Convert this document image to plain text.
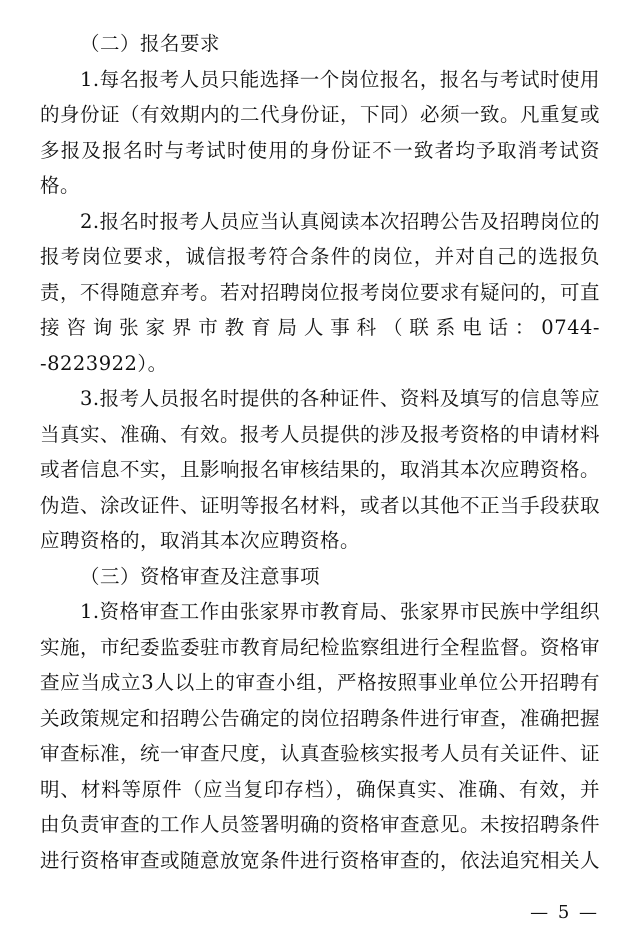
（二）报名要求

1.每名报考人员只能选择一个岗位报名，报名与考试时使用的身份证（有效期内的二代身份证，下同）必须一致。凡重复或多报及报名时与考试时使用的身份证不一致者均予取消考试资格。

2.报名时报考人员应当认真阅读本次招聘公告及招聘岗位的报考岗位要求，诚信报考符合条件的岗位，并对自己的选报负责，不得随意弃考。若对招聘岗位报考岗位要求有疑问的，可直接咨询张家界市教育局人事科（联系电话：0744--8223922）。

3.报考人员报名时提供的各种证件、资料及填写的信息等应当真实、准确、有效。报考人员提供的涉及报考资格的申请材料或者信息不实，且影响报名审核结果的，取消其本次应聘资格。伪造、涂改证件、证明等报名材料，或者以其他不正当手段获取应聘资格的，取消其本次应聘资格。

（三）资格审查及注意事项

1.资格审查工作由张家界市教育局、张家界市民族中学组织实施，市纪委监委驻市教育局纪检监察组进行全程监督。资格审查应当成立3人以上的审查小组，严格按照事业单位公开招聘有关政策规定和招聘公告确定的岗位招聘条件进行审查，准确把握审查标准，统一审查尺度，认真查验核实报考人员有关证件、证明、材料等原件（应当复印存档），确保真实、准确、有效，并由负责审查的工作人员签署明确的资格审查意见。未按招聘条件进行资格审查或随意放宽条件进行资格审查的，依法追究相关人

— 5 —
